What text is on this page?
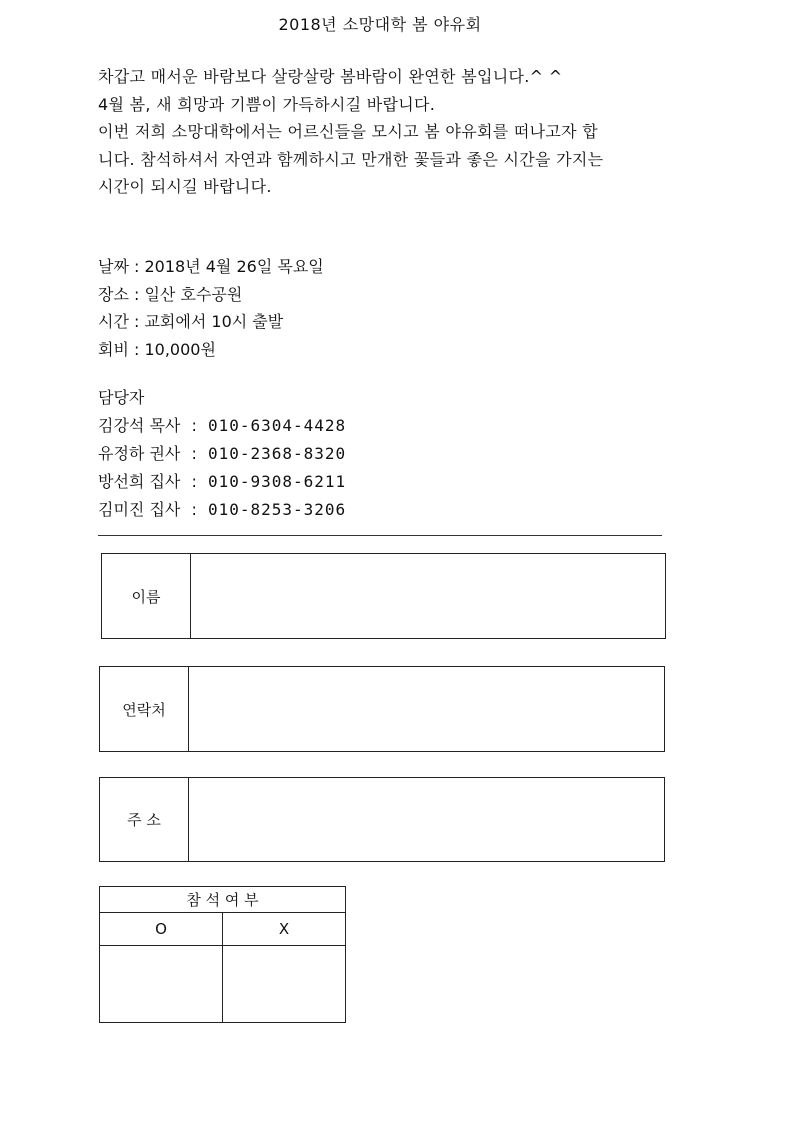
2018년 소망대학 봄 야유회
차갑고 매서운 바람보다 살랑살랑 봄바람이 완연한 봄입니다.^ ^
4월 봄, 새 희망과 기쁨이 가득하시길 바랍니다.
이번 저희 소망대학에서는 어르신들을 모시고 봄 야유회를 떠나고자 합
니다. 참석하셔서 자연과 함께하시고 만개한 꽃들과 좋은 시간을 가지는
시간이 되시길 바랍니다.
날짜 : 2018년 4월 26일 목요일
장소 : 일산 호수공원
시간 : 교회에서 10시 출발
회비 : 10,000원
담당자
김강석 목사 : 010-6304-4428
유정하 권사 : 010-2368-8320
방선희 집사 : 010-9308-6211
김미진 집사 : 010-8253-3206
이름
연락처
주 소
참 석 여 부	
O	X
